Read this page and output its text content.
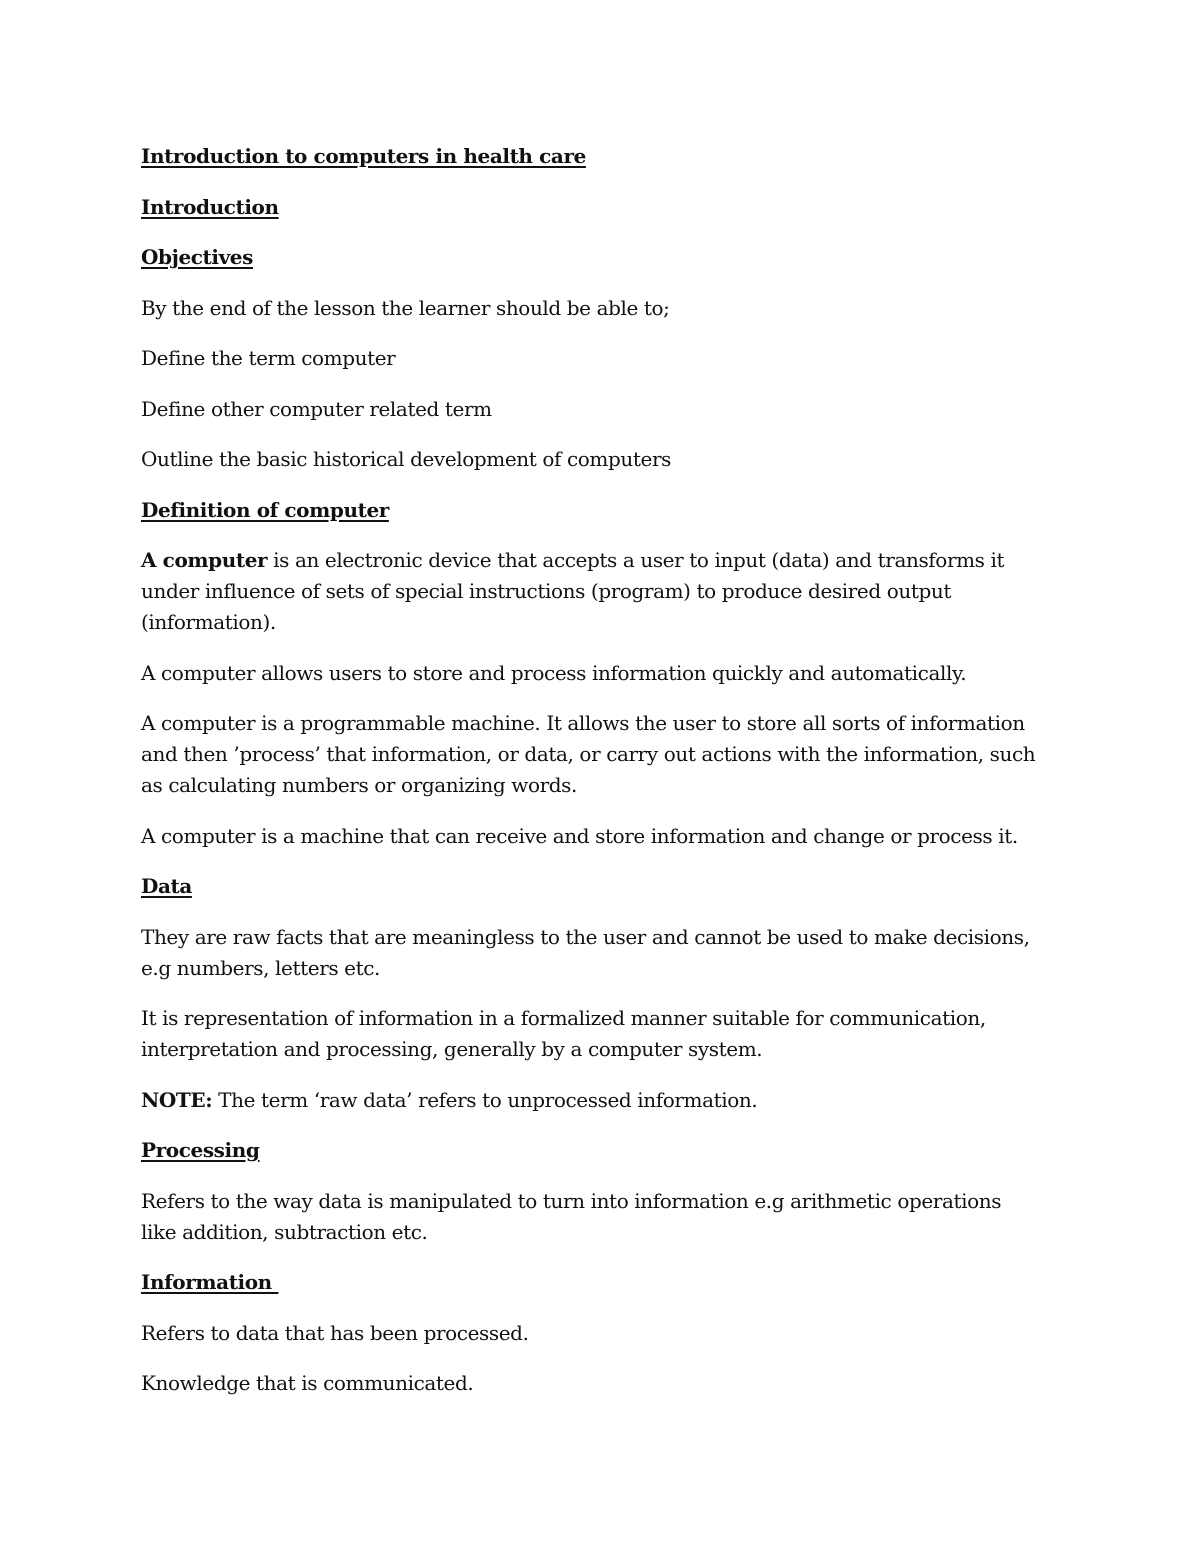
Introduction to computers in health care

Introduction

Objectives

By the end of the lesson the learner should be able to;

Define the term computer

Define other computer related term

Outline the basic historical development of computers

Definition of computer

A computer is an electronic device that accepts a user to input (data) and transforms it under influence of sets of special instructions (program) to produce desired output (information).

A computer allows users to store and process information quickly and automatically.

A computer is a programmable machine. It allows the user to store all sorts of information and then ’process’ that information, or data, or carry out actions with the information, such as calculating numbers or organizing words.

A computer is a machine that can receive and store information and change or process it.

Data

They are raw facts that are meaningless to the user and cannot be used to make decisions, e.g numbers, letters etc.

It is representation of information in a formalized manner suitable for communication, interpretation and processing, generally by a computer system.

NOTE: The term ‘raw data’ refers to unprocessed information.

Processing

Refers to the way data is manipulated to turn into information e.g arithmetic operations like addition, subtraction etc.

Information

Refers to data that has been processed.

Knowledge that is communicated.
